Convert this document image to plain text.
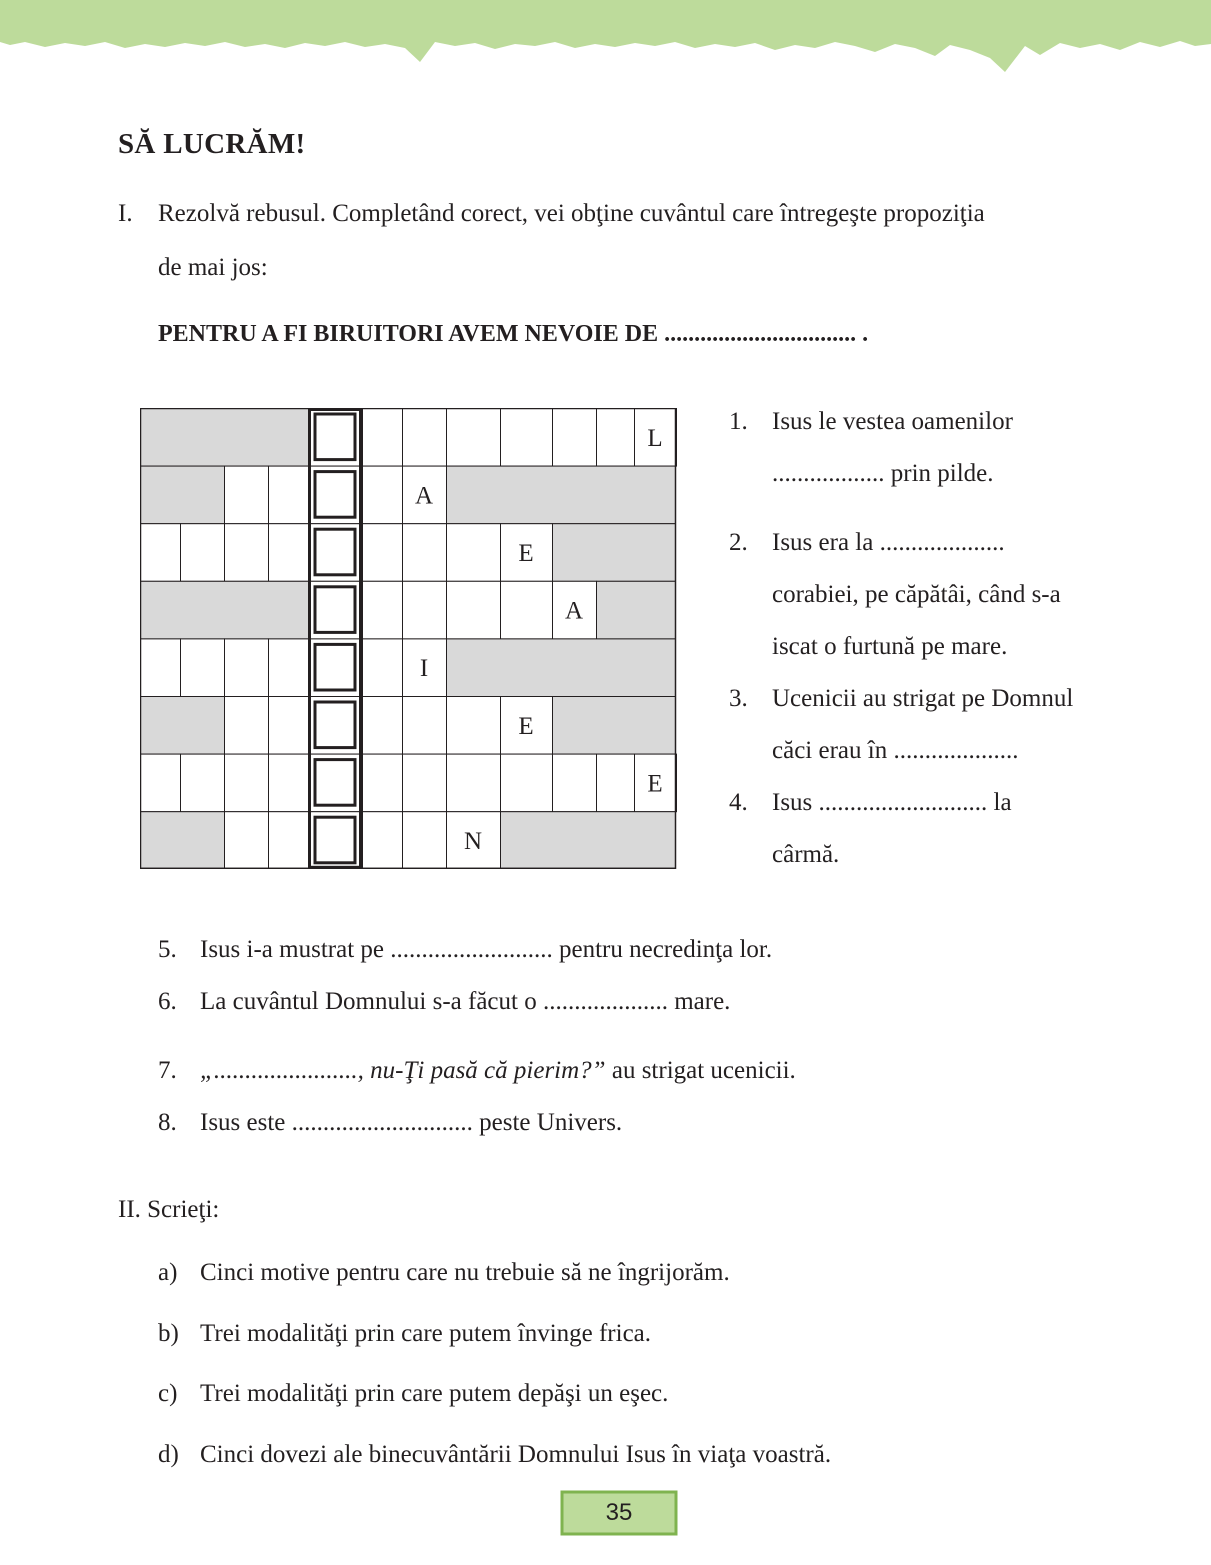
SĂ LUCRĂM!
I. Rezolvă rebusul. Completând corect, vei obţine cuvântul care întregeşte propoziţia
de mai jos:
PENTRU A FI BIRUITORI AVEM NEVOIE DE ................................ .
L
A
E
A
I
E
E
N
1. Isus le vestea oamenilor
.................. prin pilde.
2. Isus era la ....................
corabiei, pe căpătâi, când s-a
iscat o furtună pe mare.
3. Ucenicii au strigat pe Domnul
căci erau în ....................
4. Isus ........................... la
cârmă.
5. Isus i-a mustrat pe .......................... pentru necredinţa lor.
6. La cuvântul Domnului s-a făcut o .................... mare.
7. „......................., nu-Ţi pasă că pierim?” au strigat ucenicii.
8. Isus este ............................. peste Univers.
II. Scrieţi:
a) Cinci motive pentru care nu trebuie să ne îngrijorăm.
b) Trei modalităţi prin care putem învinge frica.
c) Trei modalităţi prin care putem depăşi un eşec.
d) Cinci dovezi ale binecuvântării Domnului Isus în viaţa voastră.
35
